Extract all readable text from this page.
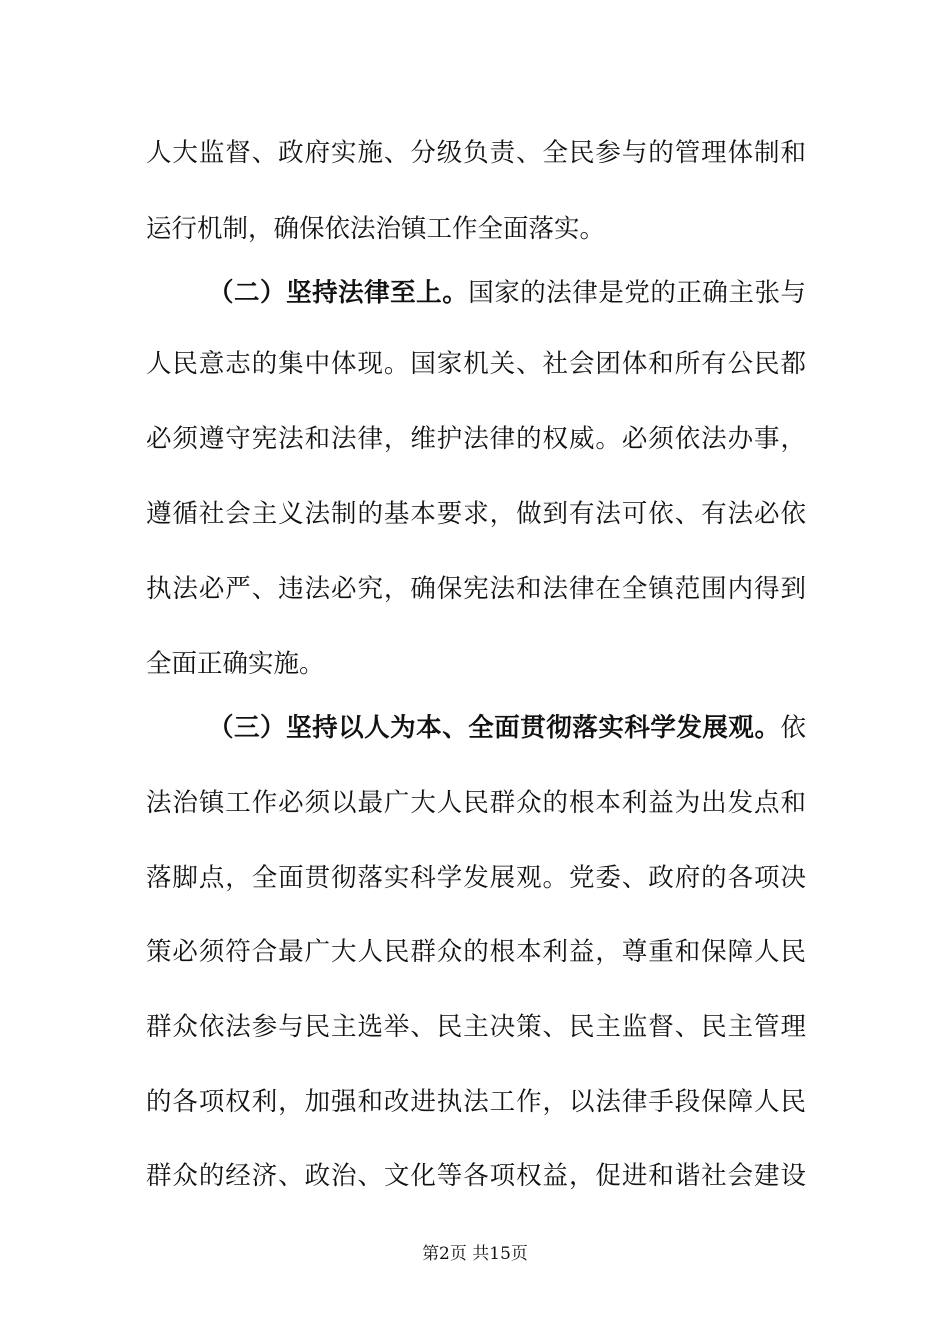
人大监督、政府实施、分级负责、全民参与的管理体制和
运行机制，确保依法治镇工作全面落实。
（二）坚持法律至上。国家的法律是党的正确主张与
人民意志的集中体现。国家机关、社会团体和所有公民都
必须遵守宪法和法律，维护法律的权威。必须依法办事，
遵循社会主义法制的基本要求，做到有法可依、有法必依
执法必严、违法必究，确保宪法和法律在全镇范围内得到
全面正确实施。
（三）坚持以人为本、全面贯彻落实科学发展观。依
法治镇工作必须以最广大人民群众的根本利益为出发点和
落脚点，全面贯彻落实科学发展观。党委、政府的各项决
策必须符合最广大人民群众的根本利益，尊重和保障人民
群众依法参与民主选举、民主决策、民主监督、民主管理
的各项权利，加强和改进执法工作，以法律手段保障人民
群众的经济、政治、文化等各项权益，促进和谐社会建设
第2页 共15页
